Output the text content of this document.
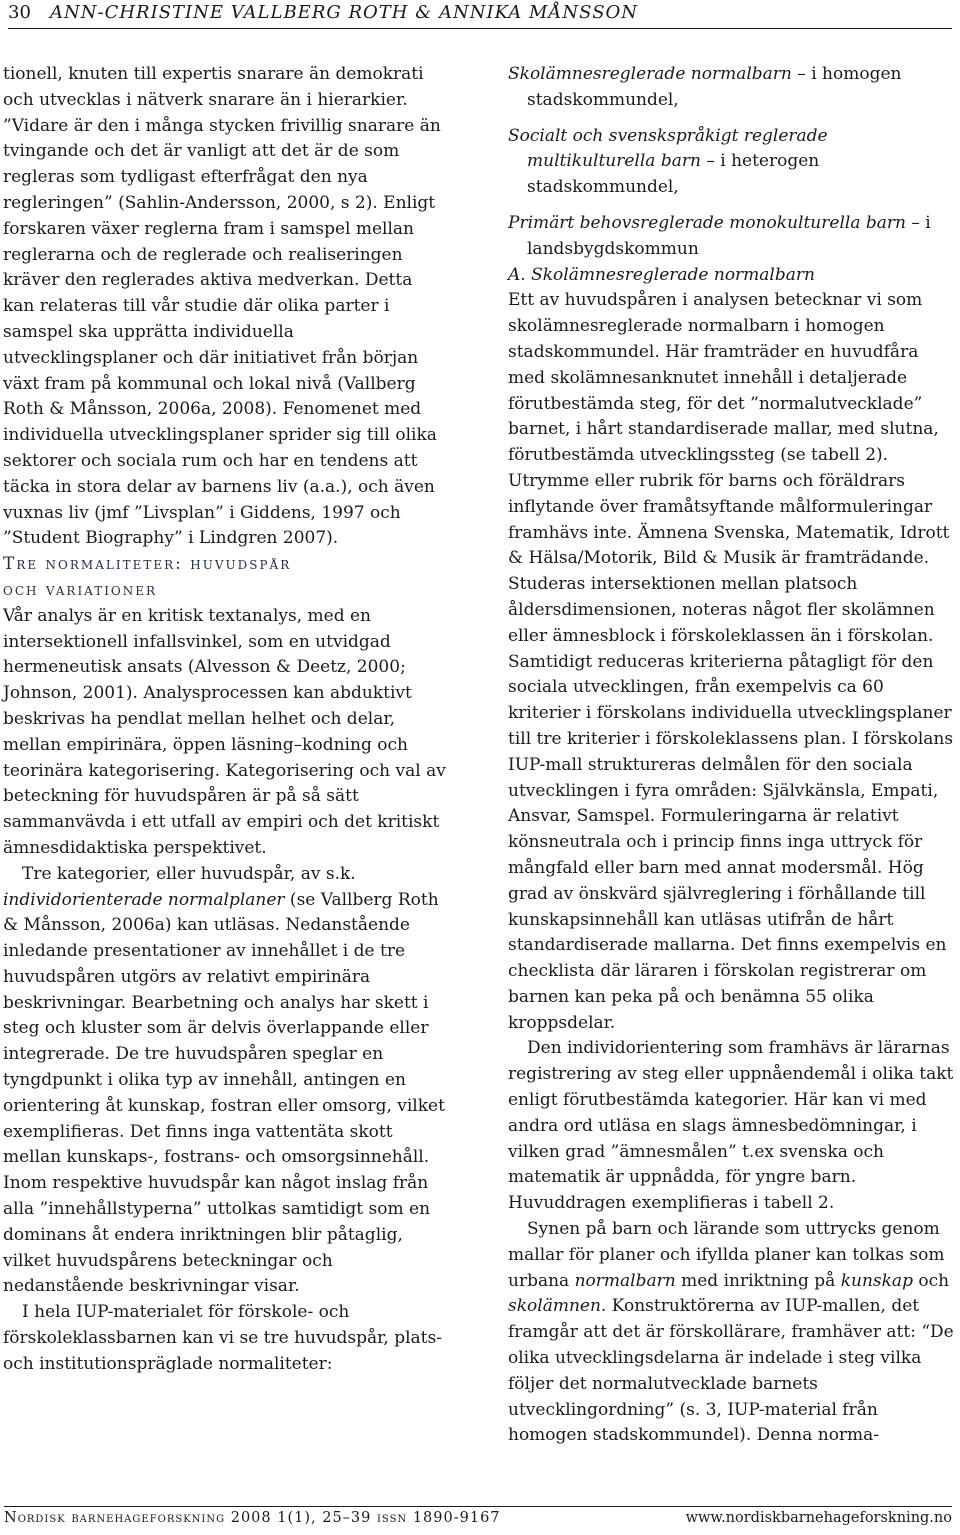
30 ANN-CHRISTINE VALLBERG ROTH & ANNIKA MÅNSSON

tionell, knuten till expertis snarare än demokrati och utvecklas i nätverk snarare än i hierarkier. ”Vidare är den i många stycken frivillig snarare än tvingande och det är vanligt att det är de som regleras som tydligast efterfrågat den nya regleringen” (Sahlin-Andersson, 2000, s 2). Enligt forskaren växer reglerna fram i samspel mellan reglerarna och de reglerade och realiseringen kräver den reglerades aktiva medverkan. Detta kan relateras till vår studie där olika parter i samspel ska upprätta individuella utvecklingsplaner och där initiativet från början växt fram på kommunal och lokal nivå (Vallberg Roth & Månsson, 2006a, 2008). Fenomenet med individuella utvecklingsplaner sprider sig till olika sektorer och sociala rum och har en tendens att täcka in stora delar av barnens liv (a.a.), och även vuxnas liv (jmf ”Livsplan” i Giddens, 1997 och ”Student Biography” i Lindgren 2007).

Tre normaliteter: huvudspår
och variationer

Vår analys är en kritisk textanalys, med en intersektionell infallsvinkel, som en utvidgad hermeneutisk ansats (Alvesson & Deetz, 2000; Johnson, 2001). Analysprocessen kan abduktivt beskrivas ha pendlat mellan helhet och delar, mellan empirinära, öppen läsning–kodning och teorinära kategorisering. Kategorisering och val av beteckning för huvudspåren är på så sätt sammanvävda i ett utfall av empiri och det kritiskt ämnesdidaktiska perspektivet.

Tre kategorier, eller huvudspår, av s.k. individorienterade normalplaner (se Vallberg Roth & Månsson, 2006a) kan utläsas. Nedanstående inledande presentationer av innehållet i de tre huvudspåren utgörs av relativt empirinära beskrivningar. Bearbetning och analys har skett i steg och kluster som är delvis överlappande eller integrerade. De tre huvudspåren speglar en tyngdpunkt i olika typ av innehåll, antingen en orientering åt kunskap, fostran eller omsorg, vilket exemplifieras. Det finns inga vattentäta skott mellan kunskaps-, fostrans- och omsorgsinnehåll. Inom respektive huvudspår kan något inslag från alla ”innehållstyperna” uttolkas samtidigt som en dominans åt endera inriktningen blir påtaglig, vilket huvudspårens beteckningar och nedanstående beskrivningar visar.

I hela IUP-materialet för förskole- och förskoleklassbarnen kan vi se tre huvudspår, plats- och institutionspräglade normaliteter:

Skolämnesreglerade normalbarn – i homogen stadskommundel,

Socialt och svenskspråkigt reglerade multikulturella barn – i heterogen stadskommundel,

Primärt behovsreglerade monokulturella barn – i landsbygdskommun

A. Skolämnesreglerade normalbarn

Ett av huvudspåren i analysen betecknar vi som skolämnesreglerade normalbarn i homogen stadskommundel. Här framträder en huvudfåra med skolämnesanknutet innehåll i detaljerade förutbestämda steg, för det ”normalutvecklade” barnet, i hårt standardiserade mallar, med slutna, förutbestämda utvecklingssteg (se tabell 2). Utrymme eller rubrik för barns och föräldrars inflytande över framåtsyftande målformuleringar framhävs inte. Ämnena Svenska, Matematik, Idrott & Hälsa/Motorik, Bild & Musik är framträdande. Studeras intersektionen mellan platsoch åldersdimensionen, noteras något fler skolämnen eller ämnesblock i förskoleklassen än i förskolan. Samtidigt reduceras kriterierna påtagligt för den sociala utvecklingen, från exempelvis ca 60 kriterier i förskolans individuella utvecklingsplaner till tre kriterier i förskoleklassens plan. I förskolans IUP-mall struktureras delmålen för den sociala utvecklingen i fyra områden: Självkänsla, Empati, Ansvar, Samspel. Formuleringarna är relativt könsneutrala och i princip finns inga uttryck för mångfald eller barn med annat modersmål. Hög grad av önskvärd självreglering i förhållande till kunskapsinnehåll kan utläsas utifrån de hårt standardiserade mallarna. Det finns exempelvis en checklista där läraren i förskolan registrerar om barnen kan peka på och benämna 55 olika kroppsdelar.

Den individorientering som framhävs är lärarnas registrering av steg eller uppnåendemål i olika takt enligt förutbestämda kategorier. Här kan vi med andra ord utläsa en slags ämnesbedömningar, i vilken grad ”ämnesmålen” t.ex svenska och matematik är uppnådda, för yngre barn. Huvuddragen exemplifieras i tabell 2.

Synen på barn och lärande som uttrycks genom mallar för planer och ifyllda planer kan tolkas som urbana normalbarn med inriktning på kunskap och skolämnen. Konstruktörerna av IUP-mallen, det framgår att det är förskollärare, framhäver att: “De olika utvecklingsdelarna är indelade i steg vilka följer det normalutvecklade barnets utvecklingordning” (s. 3, IUP-material från homogen stadskommundel). Denna norma-

Nordisk barnehageforskning 2008 1(1), 25–39 issn 1890-9167	www.nordiskbarnehageforskning.no
